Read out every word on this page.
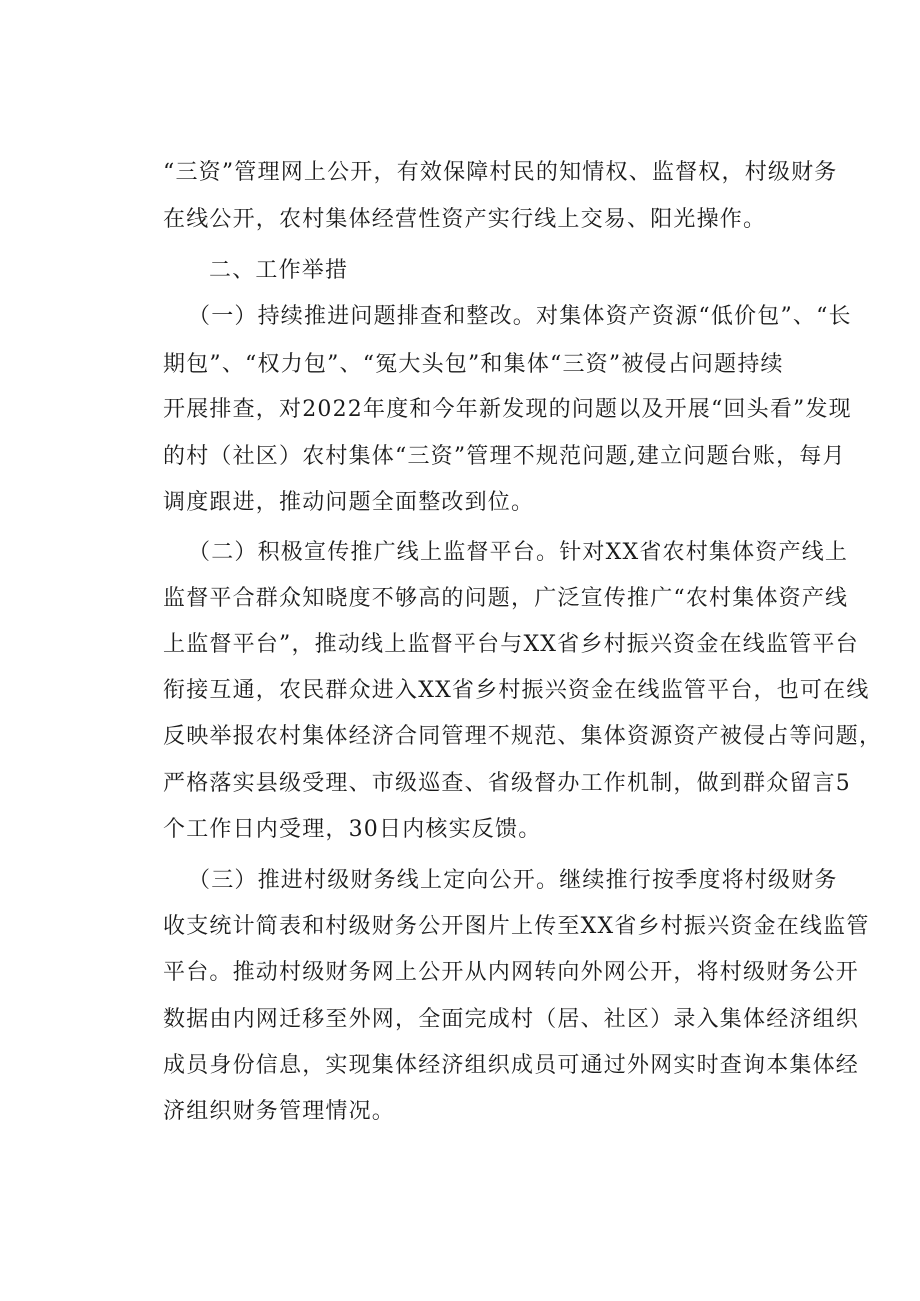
“三资”管理网上公开，有效保障村民的知情权、监督权，村级财务
在线公开，农村集体经营性资产实行线上交易、阳光操作。
二、工作举措
（一）持续推进问题排查和整改。对集体资产资源“低价包”、“长
期包”、“权力包”、“冤大头包”和集体“三资”被侵占问题持续
开展排查，对2022年度和今年新发现的问题以及开展“回头看”发现
的村（社区）农村集体“三资”管理不规范问题,建立问题台账，每月
调度跟进，推动问题全面整改到位。
（二）积极宣传推广线上监督平台。针对XX省农村集体资产线上
监督平合群众知晓度不够高的问题，广泛宣传推广“农村集体资产线
上监督平台”，推动线上监督平台与XX省乡村振兴资金在线监管平台
衔接互通，农民群众进入XX省乡村振兴资金在线监管平台，也可在线
反映举报农村集体经济合同管理不规范、集体资源资产被侵占等问题，
严格落实县级受理、市级巡查、省级督办工作机制，做到群众留言5
个工作日内受理，30日内核实反馈。
（三）推进村级财务线上定向公开。继续推行按季度将村级财务
收支统计简表和村级财务公开图片上传至XX省乡村振兴资金在线监管
平台。推动村级财务网上公开从内网转向外网公开，将村级财务公开
数据由内网迁移至外网，全面完成村（居、社区）录入集体经济组织
成员身份信息，实现集体经济组织成员可通过外网实时查询本集体经
济组织财务管理情况。
